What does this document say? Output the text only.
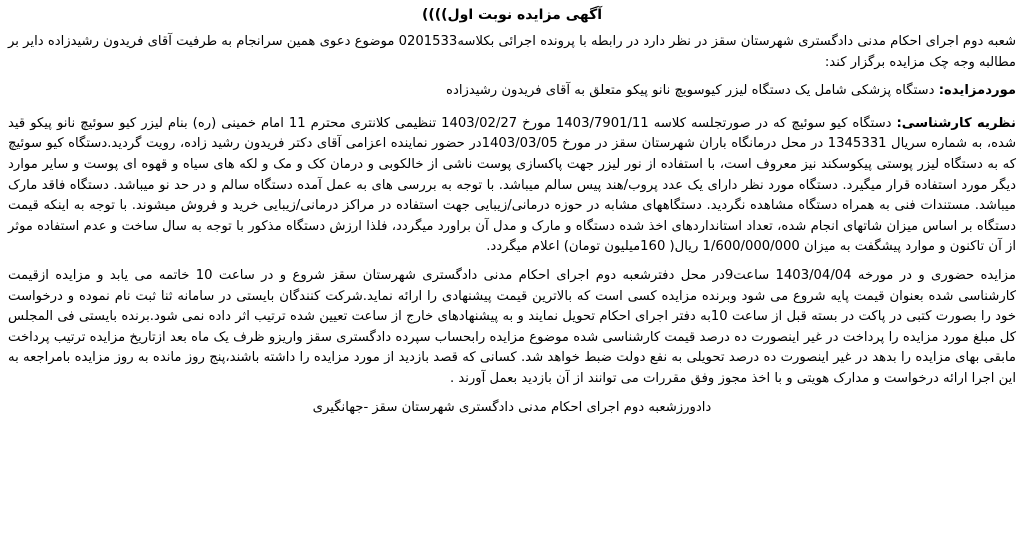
آگهی مزایده نوبت اول))))

شعبه دوم اجرای احکام مدنی دادگستری شهرستان سقز در نظر دارد در رابطه با پرونده اجرائی بکلاسه0201533 موضوع دعوی همین سرانجام به طرفیت آقای فریدون رشیدزاده دایر بر مطالبه وجه چک مزایده برگزار کند:

موردمزایده: دستگاه پزشکی شامل یک دستگاه لیزر کیوسویچ نانو پیکو متعلق به آقای فریدون رشیدزاده

نظریه کارشناسی: دستگاه کیو سوئیچ که در صورتجلسه کلاسه 1403/7901/11 مورخ 1403/02/27 تنظیمی کلانتری محترم 11 امام خمینی (ره) بنام لیزر کیو سوئیچ نانو پیکو قید شده، به شماره سریال 1345331 در محل درمانگاه باران شهرستان سقز در مورخ 1403/03/05در حضور نماینده اعزامی آقای دکتر فریدون رشید زاده، رویت گردید.دستگاه کیو سوئیچ که به دستگاه لیزر پوستی پیکوسکند نیز معروف است، با استفاده از نور لیزر جهت پاکسازی پوست ناشی از خالکوبی و درمان کک و مک و لکه های سیاه و قهوه ای پوست و سایر موارد دیگر مورد استفاده قرار میگیرد. دستگاه مورد نظر دارای یک عدد پروب/هند پیس سالم میباشد. با توجه به بررسی های به عمل آمده دستگاه سالم و در حد نو میباشد. دستگاه فاقد مارک میباشد. مستندات فنی به همراه دستگاه مشاهده نگردید. دستگاههای مشابه در حوزه درمانی/زیبایی جهت استفاده در مراکز درمانی/زیبایی خرید و فروش میشوند. با توجه به اینکه قیمت دستگاه بر اساس میزان شاتهای انجام شده، تعداد استانداردهای اخذ شده دستگاه و مارک و مدل آن براورد میگردد، فلذا ارزش دستگاه مذکور با توجه به سال ساخت و عدم استفاده موثر از آن تاکنون و موارد پیشگفت به میزان 1/600/000/000 ریال( 160میلیون تومان) اعلام میگردد.

مزایده حضوری و در مورخه 1403/04/04 ساعت9در محل دفترشعبه دوم اجرای احکام مدنی دادگستری شهرستان سقز شروع و در ساعت 10 خاتمه می یابد و مزایده ازقیمت کارشناسی شده بعنوان قیمت پایه شروع می شود وبرنده مزایده کسی است که بالاترین قیمت پیشنهادی را ارائه نماید.شرکت کنندگان بایستی در سامانه ثنا ثبت نام نموده و درخواست خود را بصورت کتبی در پاکت در بسته قبل از ساعت 10به دفتر اجرای احکام تحویل نمایند و به پیشنهادهای خارج از ساعت تعیین شده ترتیب اثر داده نمی شود.برنده بایستی فی المجلس کل مبلغ مورد مزایده را پرداخت در غیر اینصورت ده درصد قیمت کارشناسی شده موضوع مزایده رابحساب سپرده دادگستری سقز واریزو ظرف یک ماه بعد ازتاریخ مزایده ترتیب پرداخت مابقی بهای مزایده را بدهد در غیر اینصورت ده درصد تحویلی به نفع دولت ضبط خواهد شد. کسانی که قصد بازدید از مورد مزایده را داشته باشند،پنج روز مانده به روز مزایده بامراجعه به این اجرا ارائه درخواست و مدارک هویتی و با اخذ مجوز وفق مقررات می توانند از آن بازدید بعمل آورند .

دادورزشعبه دوم اجرای احکام مدنی دادگستری شهرستان سقز -جهانگیری
